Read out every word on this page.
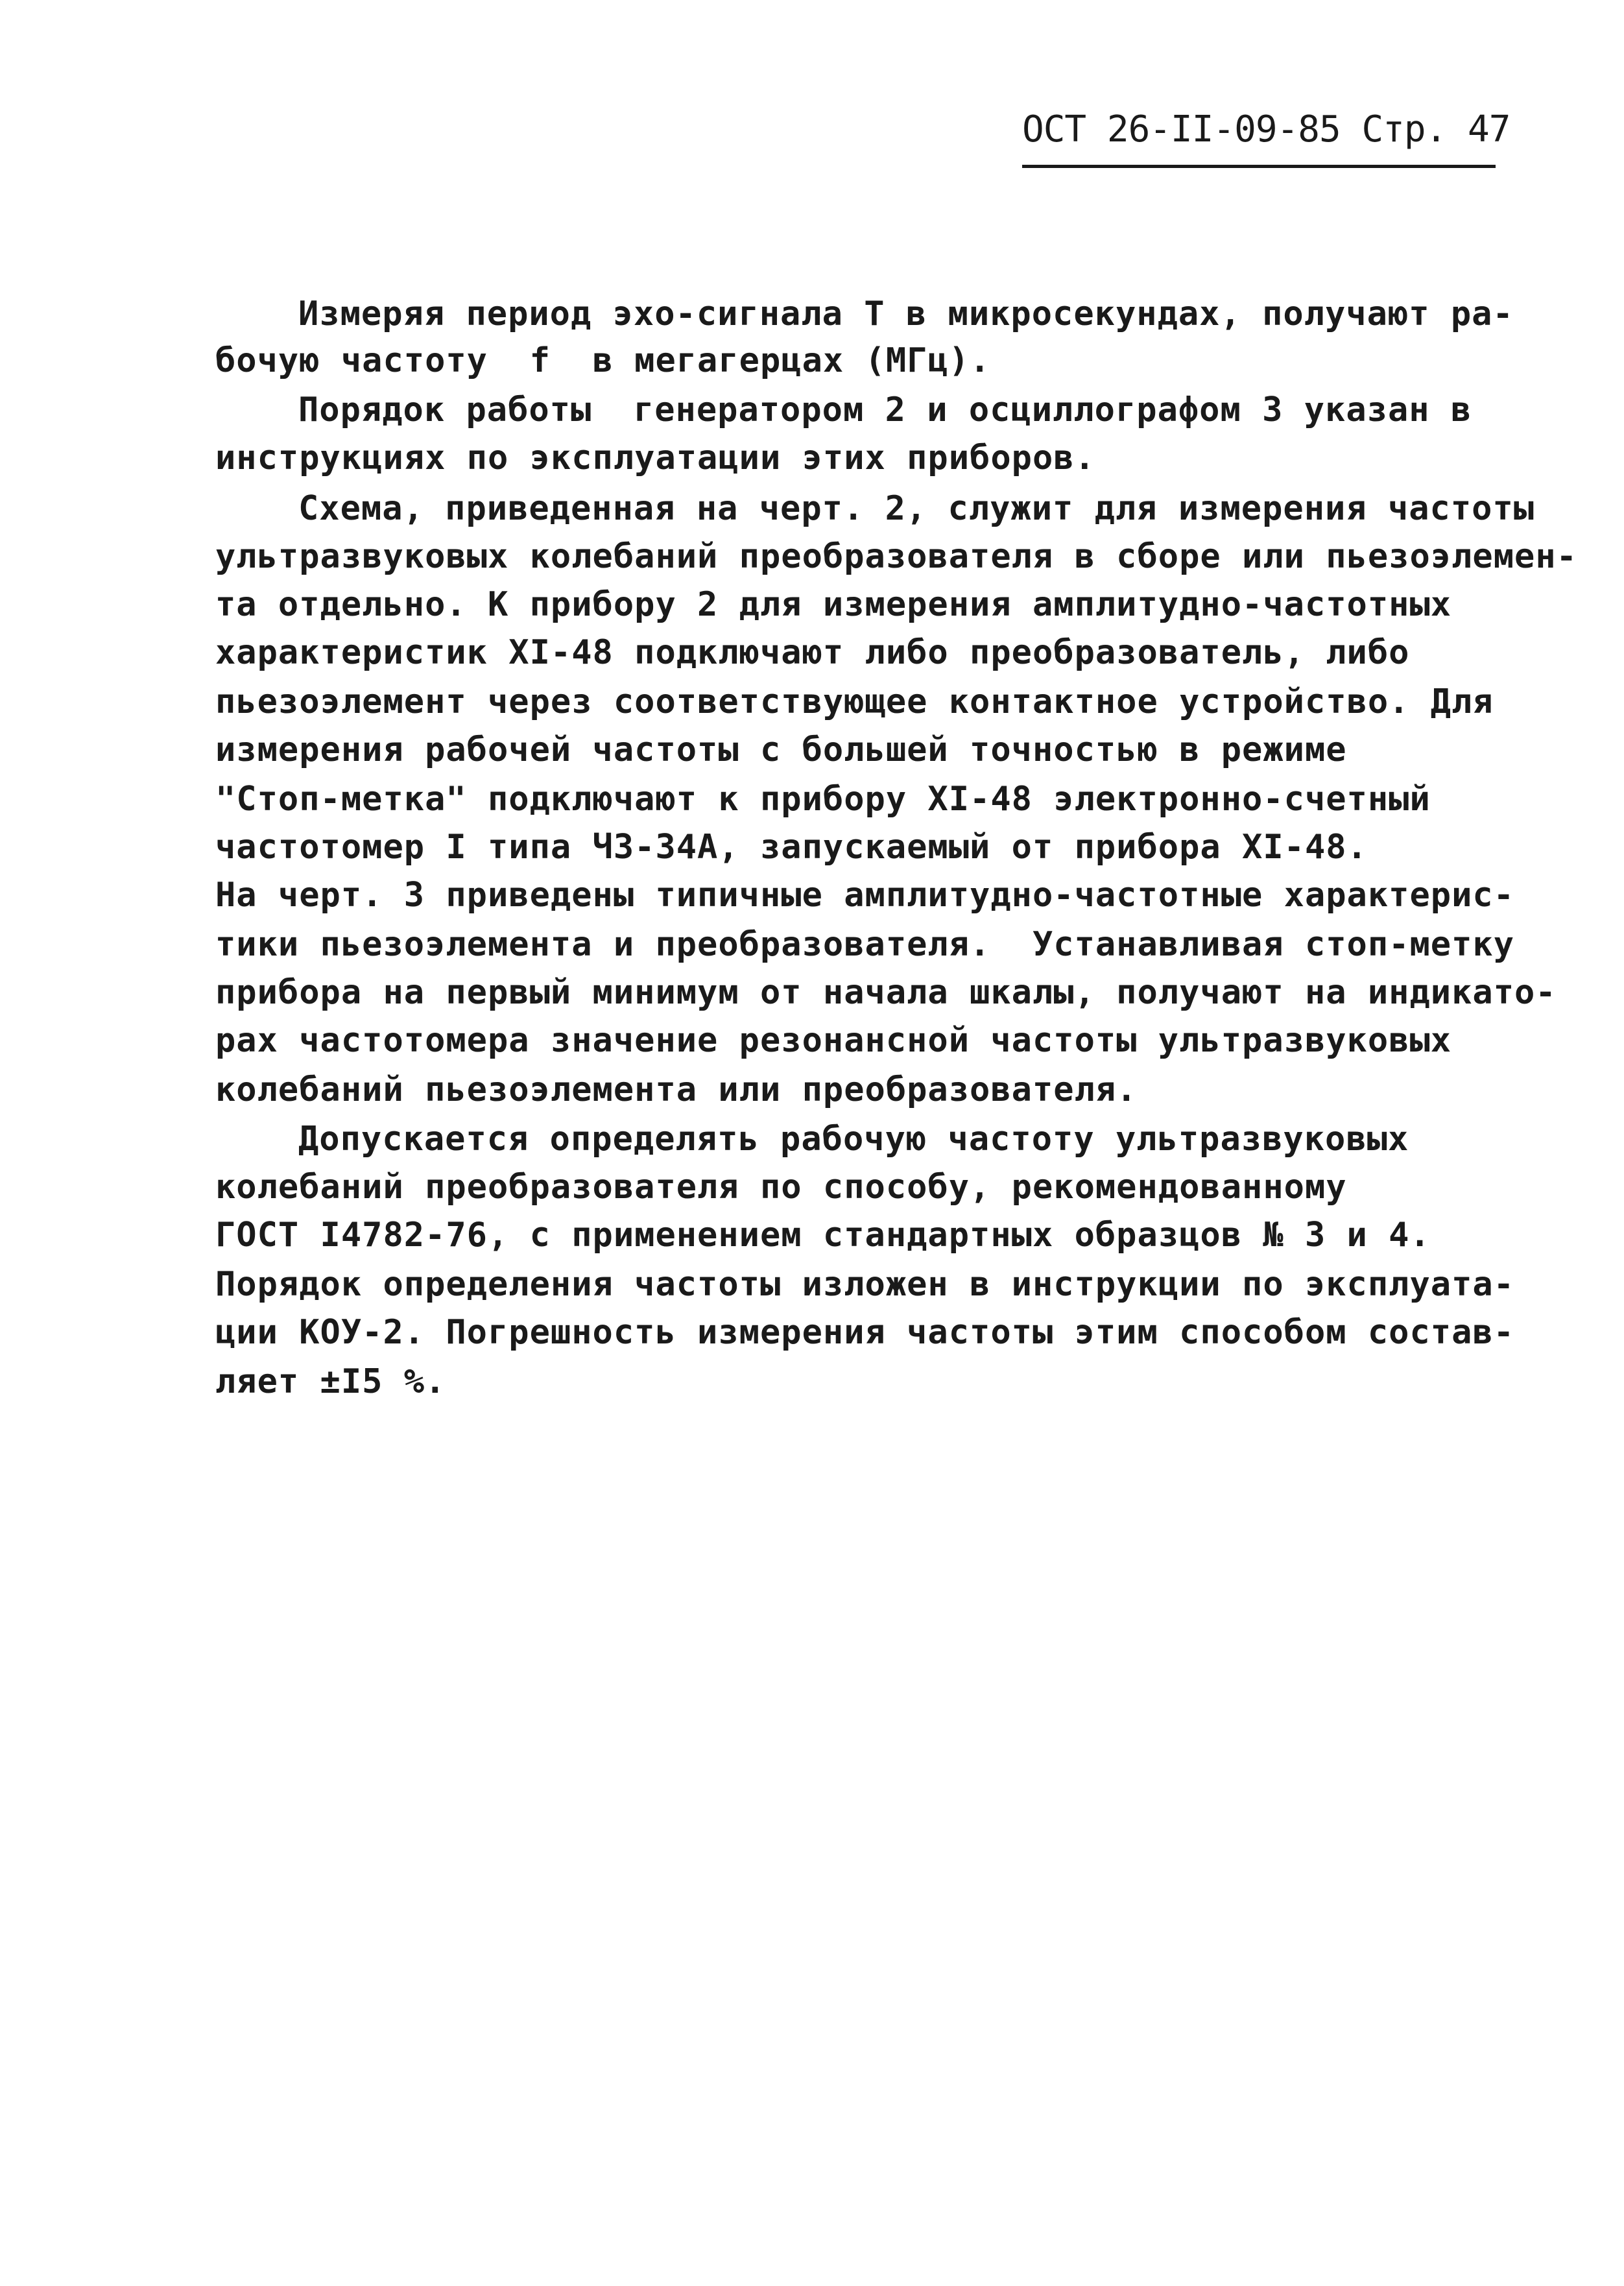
ОСТ 26-II-09-85 Стр. 47
Измеряя период эхо-сигнала Т в микросекундах, получают ра-
бочую частоту  f  в мегагерцах (МГц).
Порядок работы  генератором 2 и осциллографом 3 указан в
инструкциях по эксплуатации этих приборов.
Схема, приведенная на черт. 2, служит для измерения частоты
ультразвуковых колебаний преобразователя в сборе или пьезоэлемен-
та отдельно. К прибору 2 для измерения амплитудно-частотных
характеристик XI-48 подключают либо преобразователь, либо
пьезоэлемент через соответствующее контактное устройство. Для
измерения рабочей частоты с большей точностью в режиме
"Стоп-метка" подключают к прибору XI-48 электронно-счетный
частотомер I типа ЧЗ-34А, запускаемый от прибора XI-48.
На черт. 3 приведены типичные амплитудно-частотные характерис-
тики пьезоэлемента и преобразователя.  Устанавливая стоп-метку
прибора на первый минимум от начала шкалы, получают на индикато-
рах частотомера значение резонансной частоты ультразвуковых
колебаний пьезоэлемента или преобразователя.
Допускается определять рабочую частоту ультразвуковых
колебаний преобразователя по способу, рекомендованному
ГОСТ I4782-76, с применением стандартных образцов № 3 и 4.
Порядок определения частоты изложен в инструкции по эксплуата-
ции КОУ-2. Погрешность измерения частоты этим способом состав-
ляет ±I5 %.
